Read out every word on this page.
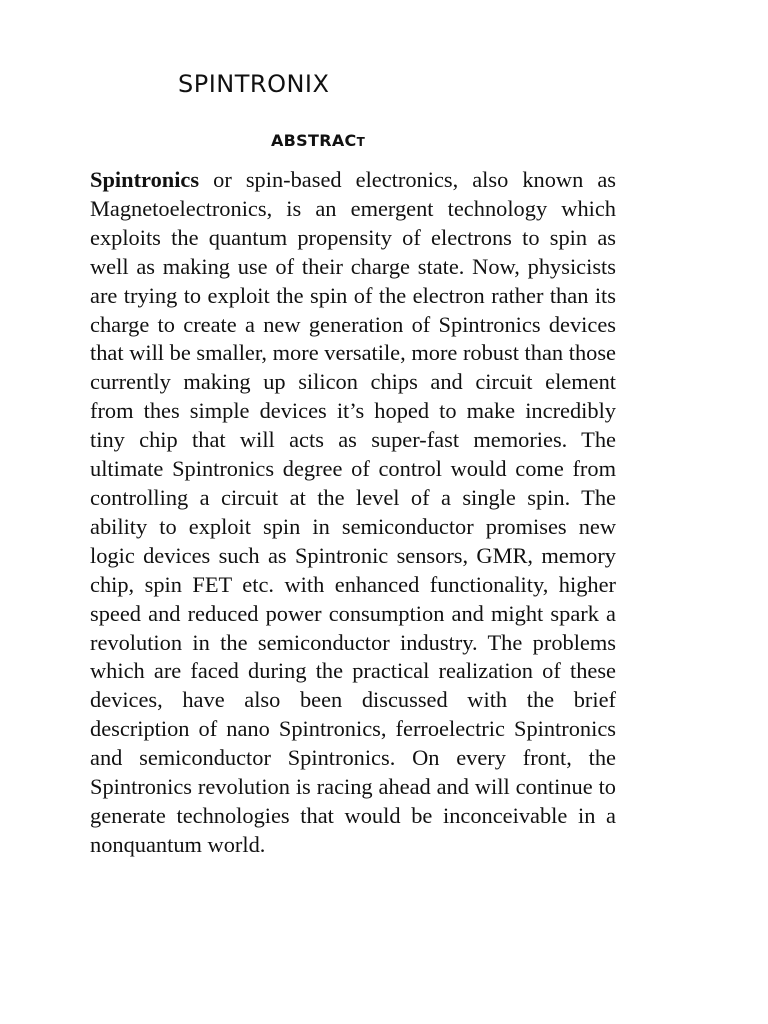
SPINTRONIX
ABSTRACT

Spintronics or spin-based electronics, also known as Magnetoelectronics, is an emergent technology which exploits the quantum propensity of electrons to spin as well as making use of their charge state. Now, physicists are trying to exploit the spin of the electron rather than its charge to create a new generation of Spintronics devices that will be smaller, more versatile, more robust than those currently making up silicon chips and circuit element from thes simple devices it’s hoped to make incredibly tiny chip that will acts as super-fast memories. The ultimate Spintronics degree of control would come from controlling a circuit at the level of a single spin. The ability to exploit spin in semiconductor promises new logic devices such as Spintronic sensors, GMR, memory chip, spin FET etc. with enhanced functionality, higher speed and reduced power consumption and might spark a revolution in the semiconductor industry. The problems which are faced during the practical realization of these devices, have also been discussed with the brief description of nano Spintronics, ferroelectric Spintronics and semiconductor Spintronics. On every front, the Spintronics revolution is racing ahead and will continue to generate technologies that would be inconceivable in a nonquantum world.
